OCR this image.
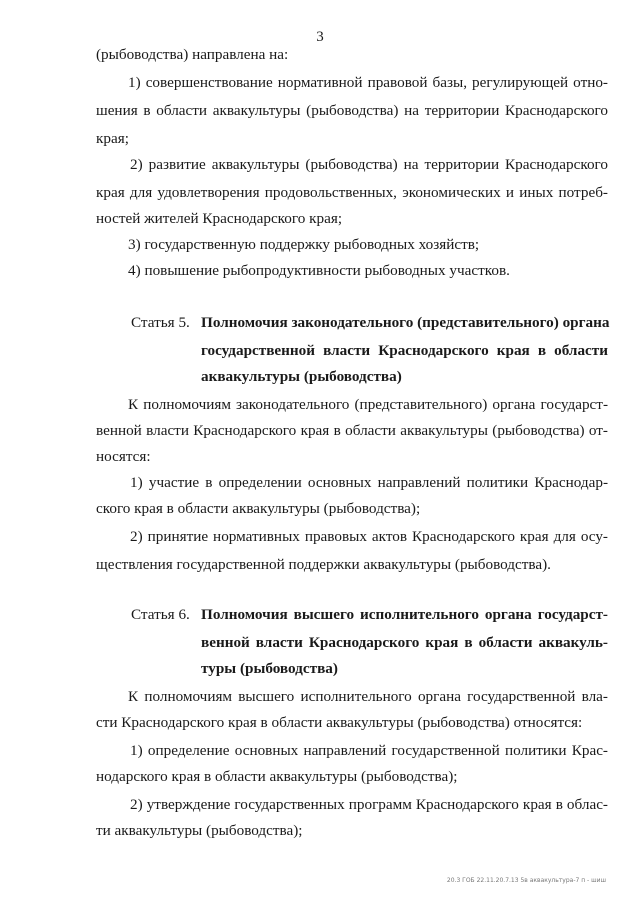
3
(рыбоводства) направлена на:
1) совершенствование нормативной правовой базы, регулирующей отно-
шения в области аквакультуры (рыбоводства) на территории Краснодарского
края;
2) развитие аквакультуры (рыбоводства) на территории Краснодарского
края для удовлетворения продовольственных, экономических и иных потреб-
ностей жителей Краснодарского края;
3) государственную поддержку рыбоводных хозяйств;
4) повышение рыбопродуктивности рыбоводных участков.
Статья 5. Полномочия законодательного (представительного) органа
государственной власти Краснодарского края в области
аквакультуры (рыбоводства)
К полномочиям законодательного (представительного) органа государст-
венной власти Краснодарского края в области аквакультуры (рыбоводства) от-
носятся:
1) участие в определении основных направлений политики Краснодар-
ского края в области аквакультуры (рыбоводства);
2) принятие нормативных правовых актов Краснодарского края для осу-
ществления государственной поддержки аквакультуры (рыбоводства).
Статья 6. Полномочия высшего исполнительного органа государст-
венной власти Краснодарского края в области аквакуль-
туры (рыбоводства)
К полномочиям высшего исполнительного органа государственной вла-
сти Краснодарского края в области аквакультуры (рыбоводства) относятся:
1) определение основных направлений государственной политики Крас-
нодарского края в области аквакультуры (рыбоводства);
2) утверждение государственных программ Краснодарского края в облас-
ти аквакультуры (рыбоводства);
20.3 ГОБ 22.11.20.7.13 5в аквакультура-7 п - шиш
